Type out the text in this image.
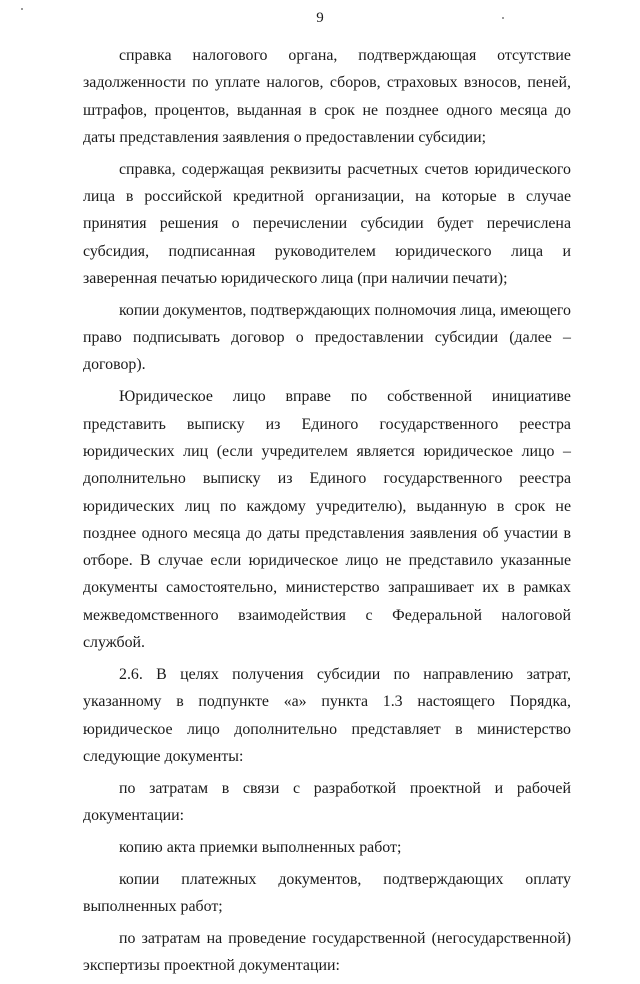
9

справка налогового органа, подтверждающая отсутствие задолженности по уплате налогов, сборов, страховых взносов, пеней, штрафов, процентов, выданная в срок не позднее одного месяца до даты представления заявления о предоставлении субсидии;

справка, содержащая реквизиты расчетных счетов юридического лица в российской кредитной организации, на которые в случае принятия решения о перечислении субсидии будет перечислена субсидия, подписанная руководителем юридического лица и заверенная печатью юридического лица (при наличии печати);

копии документов, подтверждающих полномочия лица, имеющего право подписывать договор о предоставлении субсидии (далее – договор).

Юридическое лицо вправе по собственной инициативе представить выписку из Единого государственного реестра юридических лиц (если учредителем является юридическое лицо – дополнительно выписку из Единого государственного реестра юридических лиц по каждому учредителю), выданную в срок не позднее одного месяца до даты представления заявления об участии в отборе. В случае если юридическое лицо не представило указанные документы самостоятельно, министерство запрашивает их в рамках межведомственного взаимодействия с Федеральной налоговой службой.

2.6. В целях получения субсидии по направлению затрат, указанному в подпункте «а» пункта 1.3 настоящего Порядка, юридическое лицо дополнительно представляет в министерство следующие документы:

по затратам в связи с разработкой проектной и рабочей документации:

копию акта приемки выполненных работ;

копии платежных документов, подтверждающих оплату выполненных работ;

по затратам на проведение государственной (негосударственной) экспертизы проектной документации:
